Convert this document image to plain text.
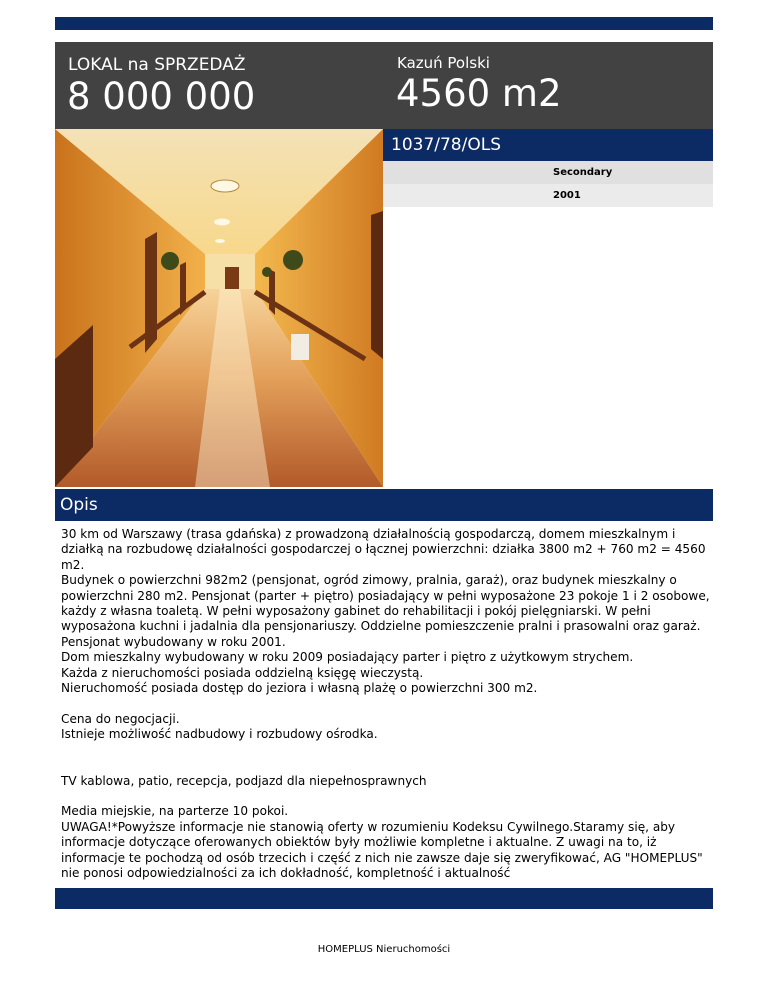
LOKAL na SPRZEDAŻ
8 000 000
Kazuń Polski
4560 m2
1037/78/OLS
Secondary
2001
Opis

30 km od Warszawy (trasa gdańska) z prowadzoną działalnością gospodarczą, domem mieszkalnym i działką na rozbudowę działalności gospodarczej o łącznej powierzchni: działka 3800 m2 + 760 m2 = 4560 m2.

Budynek o powierzchni 982m2 (pensjonat, ogród zimowy, pralnia, garaż), oraz budynek mieszkalny o powierzchni 280 m2. Pensjonat (parter + piętro) posiadający w pełni wyposażone 23 pokoje 1 i 2 osobowe, każdy z własna toaletą. W pełni wyposażony gabinet do rehabilitacji i pokój pielęgniarski. W pełni wyposażona kuchni i jadalnia dla pensjonariuszy. Oddzielne pomieszczenie pralni i prasowalni oraz garaż.

Pensjonat wybudowany w roku 2001.

Dom mieszkalny wybudowany w roku 2009 posiadający parter i piętro z użytkowym strychem.

Każda z nieruchomości posiada oddzielną księgę wieczystą.

Nieruchomość posiada dostęp do jeziora i własną plażę o powierzchni 300 m2.

Cena do negocjacji.

Istnieje możliwość nadbudowy i rozbudowy ośrodka.

TV kablowa, patio, recepcja, podjazd dla niepełnosprawnych

Media miejskie, na parterze 10 pokoi.

UWAGA!*Powyższe informacje nie stanowią oferty w rozumieniu Kodeksu Cywilnego.Staramy się, aby informacje dotyczące oferowanych obiektów były możliwie kompletne i aktualne. Z uwagi na to, iż informacje te pochodzą od osób trzecich i część z nich nie zawsze daje się zweryfikować, AG "HOMEPLUS" nie ponosi odpowiedzialności za ich dokładność, kompletność i aktualność

HOMEPLUS Nieruchomości
